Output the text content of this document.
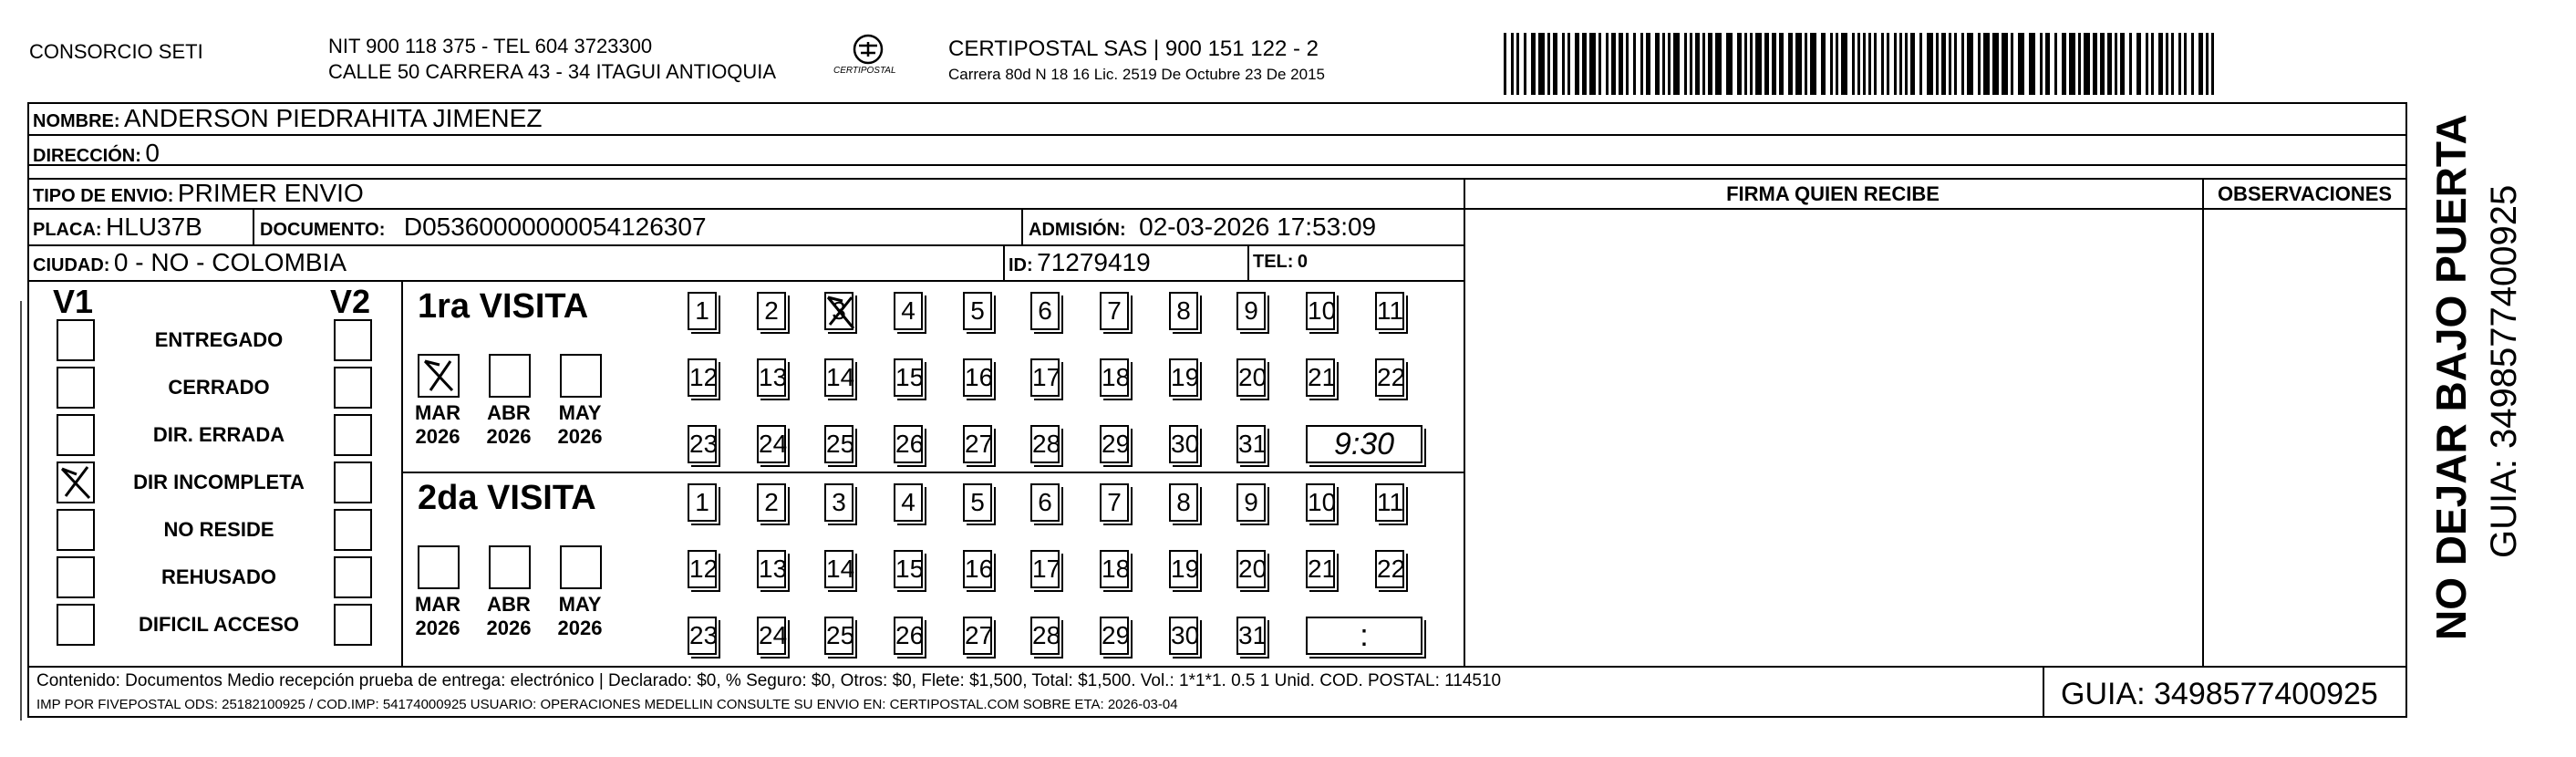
CONSORCIO SETI	NIT 900 118 375 - TEL 604 3723300
CALLE 50 CARRERA 43 - 34 ITAGUI ANTIOQUIA	CERTIPOSTAL
CERTIPOSTAL SAS | 900 151 122 - 2
Carrera 80d N 18 16 Lic. 2519 De Octubre 23 De 2015
NOMBRE: ANDERSON PIEDRAHITA JIMENEZ
DIRECCIÓN: 0
TIPO DE ENVIO: PRIMER ENVIO
PLACA: HLU37B	DOCUMENTO: D05360000000054126307	ADMISIÓN: 02-03-2026 17:53:09
CIUDAD: 0 - NO - COLOMBIA	ID: 71279419	TEL: 0
FIRMA QUIEN RECIBE	OBSERVACIONES NO DEJAR BAJO PUERTA GUIA: 3498577400925
V1	V2
ENTREGADO
CERRADO
DIR. ERRADA
DIR INCOMPLETA
NO RESIDE
REHUSADO
DIFICIL ACCESO
1ra VISITA
MAR
2026
ABR
2026
MAY
2026
1 2 3 4 5 6 7 8 9 10 11
12 13 14 15 16 17 18 19 20 21 22
23 24 25 26 27 28 29 30 31	9:30
2da VISITA
MAR
2026
ABR
2026
MAY
2026
1 2 3 4 5 6 7 8 9 10 11
12 13 14 15 16 17 18 19 20 21 22
23 24 25 26 27 28 29 30 31	:
Contenido: Documentos Medio recepción prueba de entrega: electrónico | Declarado: $0, % Seguro: $0, Otros: $0, Flete: $1,500, Total: $1,500. Vol.: 1*1*1. 0.5 1 Unid. COD. POSTAL: 114510
IMP POR FIVEPOSTAL ODS: 25182100925 / COD.IMP: 54174000925 USUARIO: OPERACIONES MEDELLIN CONSULTE SU ENVIO EN: CERTIPOSTAL.COM SOBRE ETA: 2026-03-04	GUIA: 3498577400925
